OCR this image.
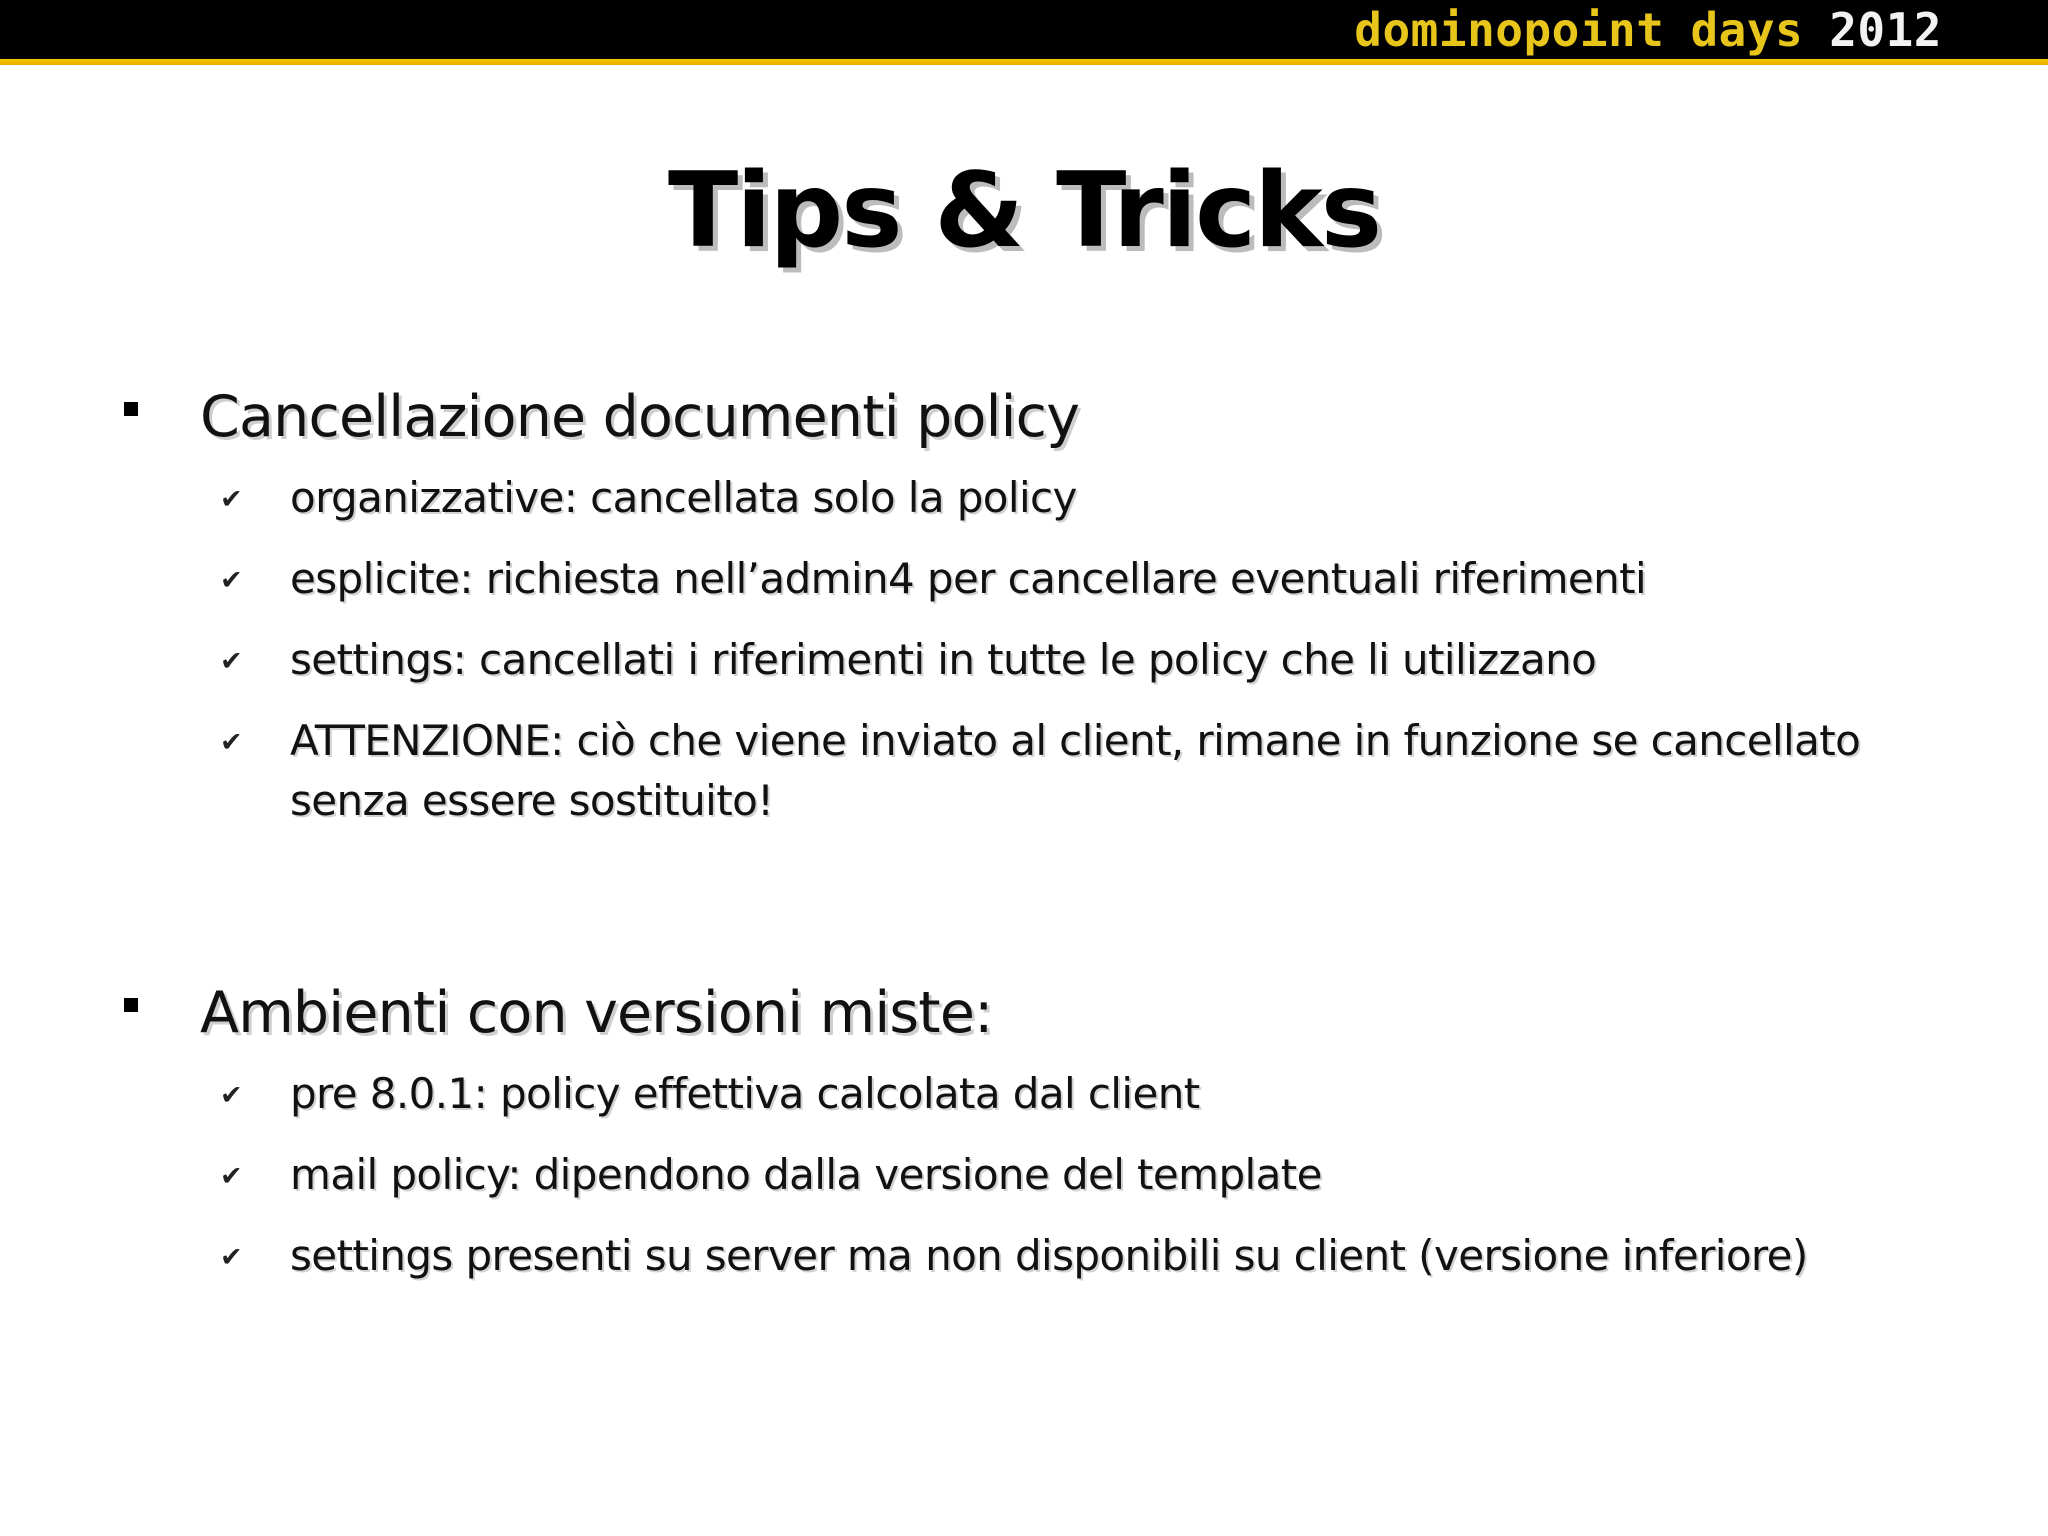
dominopoint days 2012
Tips & Tricks
Cancellazione documenti policy
✔ organizzative: cancellata solo la policy
✔ esplicite: richiesta nell’admin4 per cancellare eventuali riferimenti
✔ settings: cancellati i riferimenti in tutte le policy che li utilizzano
✔ ATTENZIONE: ciò che viene inviato al client, rimane in funzione se cancellato senza essere sostituito!
Ambienti con versioni miste:
✔ pre 8.0.1: policy effettiva calcolata dal client
✔ mail policy: dipendono dalla versione del template
✔ settings presenti su server ma non disponibili su client (versione inferiore)
